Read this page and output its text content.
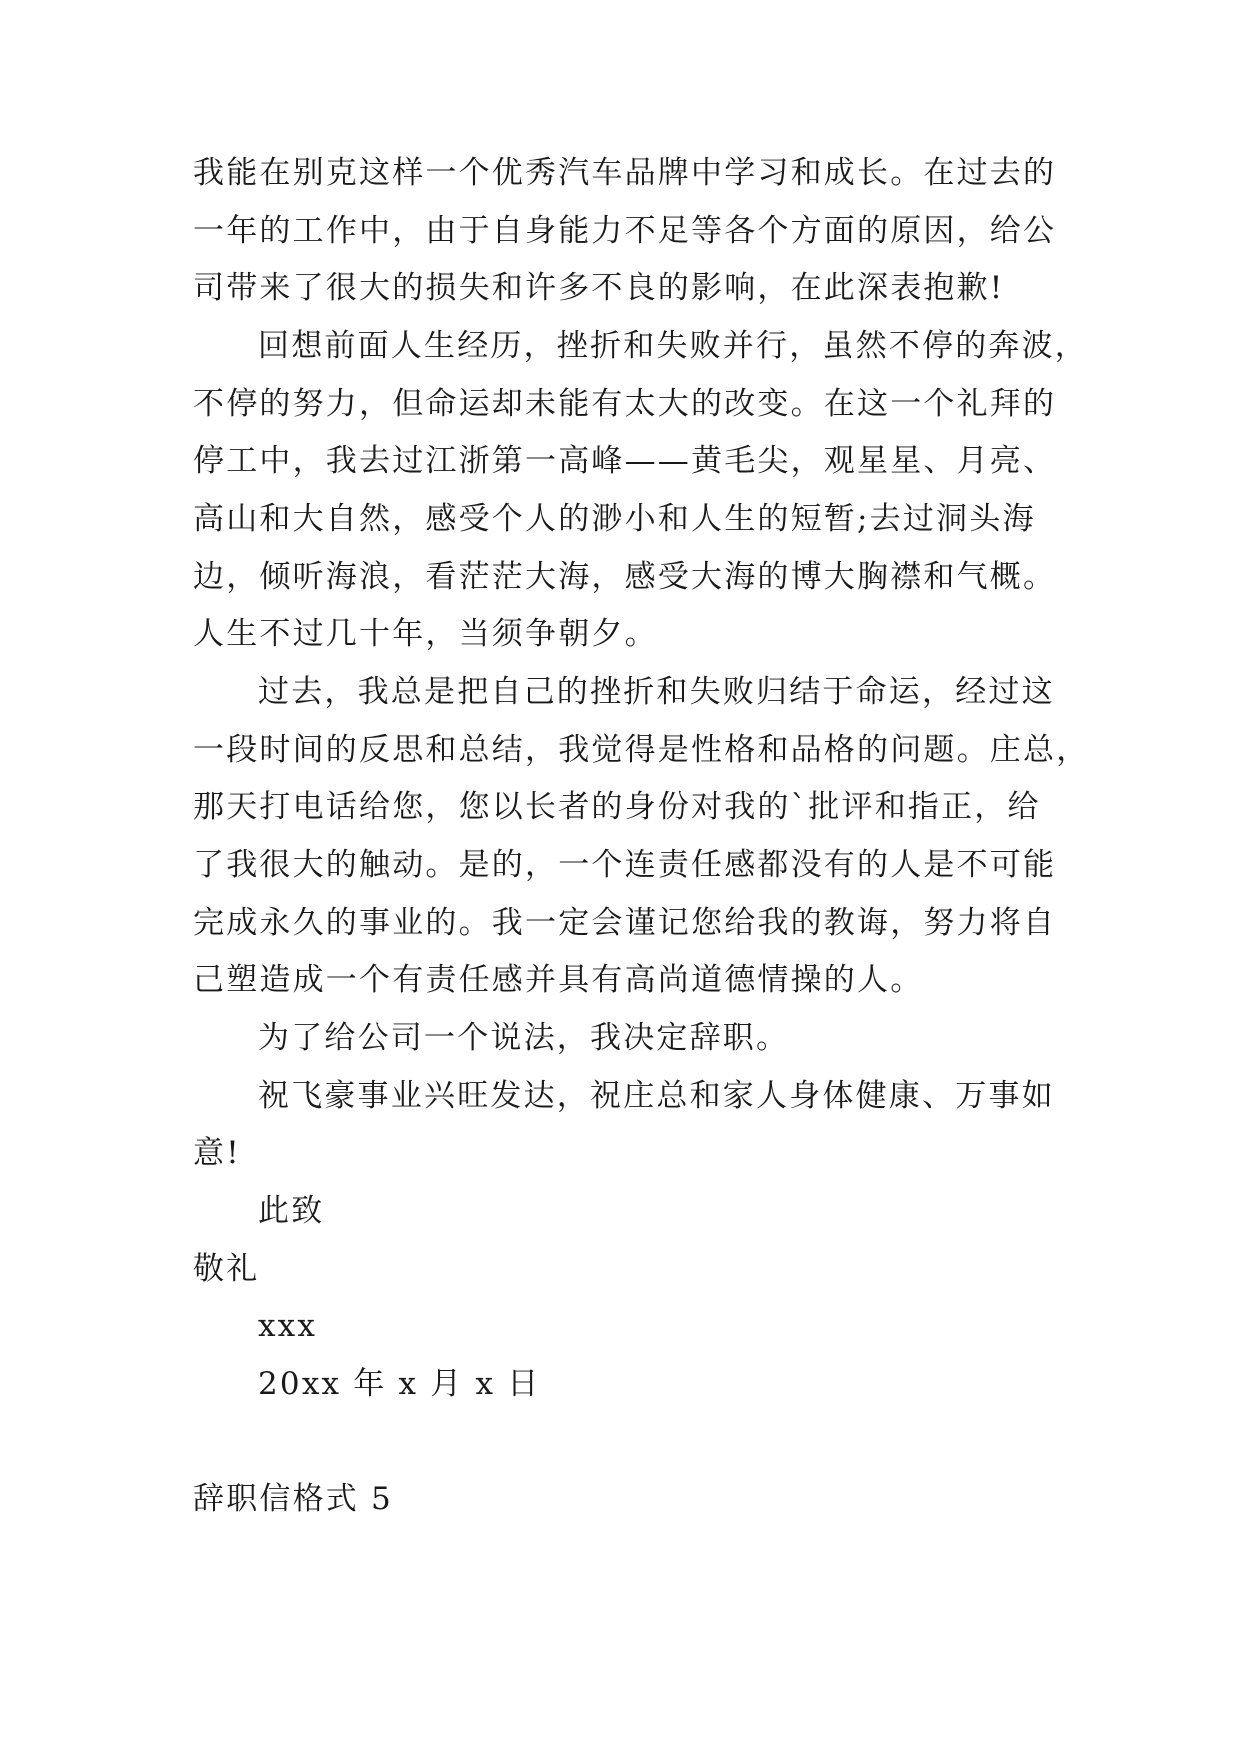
我能在别克这样一个优秀汽车品牌中学习和成长。在过去的
一年的工作中，由于自身能力不足等各个方面的原因，给公
司带来了很大的损失和许多不良的影响，在此深表抱歉!
回想前面人生经历，挫折和失败并行，虽然不停的奔波，
不停的努力，但命运却未能有太大的改变。在这一个礼拜的
停工中，我去过江浙第一高峰——黄毛尖，观星星、月亮、
高山和大自然，感受个人的渺小和人生的短暂;去过洞头海
边，倾听海浪，看茫茫大海，感受大海的博大胸襟和气概。
人生不过几十年，当须争朝夕。
过去，我总是把自己的挫折和失败归结于命运，经过这
一段时间的反思和总结，我觉得是性格和品格的问题。庄总，
那天打电话给您，您以长者的身份对我的`批评和指正，给
了我很大的触动。是的，一个连责任感都没有的人是不可能
完成永久的事业的。我一定会谨记您给我的教诲，努力将自
己塑造成一个有责任感并具有高尚道德情操的人。
为了给公司一个说法，我决定辞职。
祝飞豪事业兴旺发达，祝庄总和家人身体健康、万事如
意!
此致
敬礼
xxx
20xx 年 x 月 x 日
辞职信格式 5
